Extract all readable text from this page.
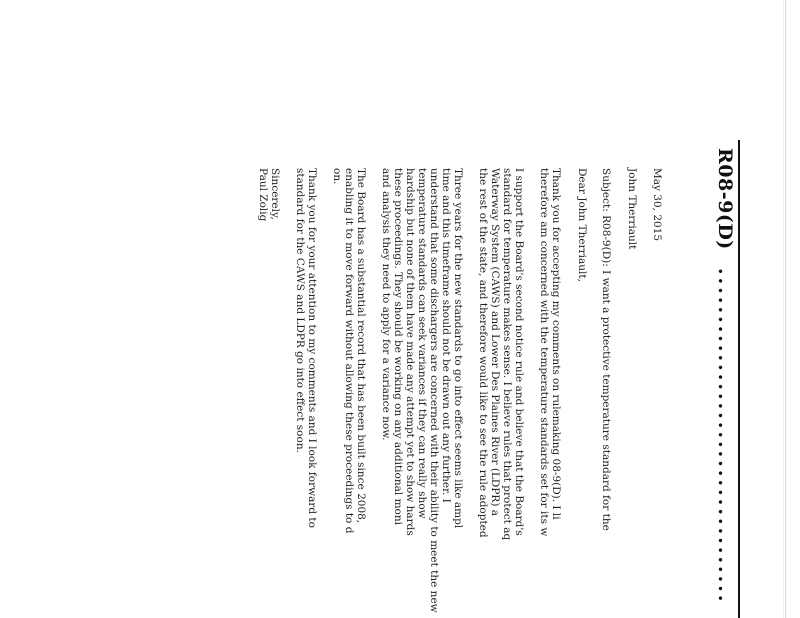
R08-9(D)
...................................
May 30, 2015
John Therriault
Subject: R08-9(D): I want a protective temperature standard for the
Dear John Therriault,
Thank you for accepting my comments on rulemaking 08-9(D). I li
therefore am concerned with the temperature standards set for its w
I support the Board's second notice rule and believe that the Board's
standard for temperature makes sense. I believe rules that protect aq
Waterway System (CAWS) and Lower Des Plaines River (LDPR) a
the rest of the state, and therefore would like to see the rule adopted
Three years for the new standards to go into effect seems like ampl
time and this timeframe should not be drawn out any further. I
understand that some dischargers are concerned with their ability to meet the new
temperature standards can seek variances if they can really show
hardship but none of them have made any attempt yet to show hards
these proceedings. They should be working on any additional moni
and analysis they need to apply for a variance now.
The Board has a substantial record that has been built since 2008,
enabling it to move forward without allowing these proceedings to d
on.
Thank you for your attention to my comments and I look forward to
standard for the CAWS and LDPR go into effect soon.
Sincerely,
Paul Zolig
